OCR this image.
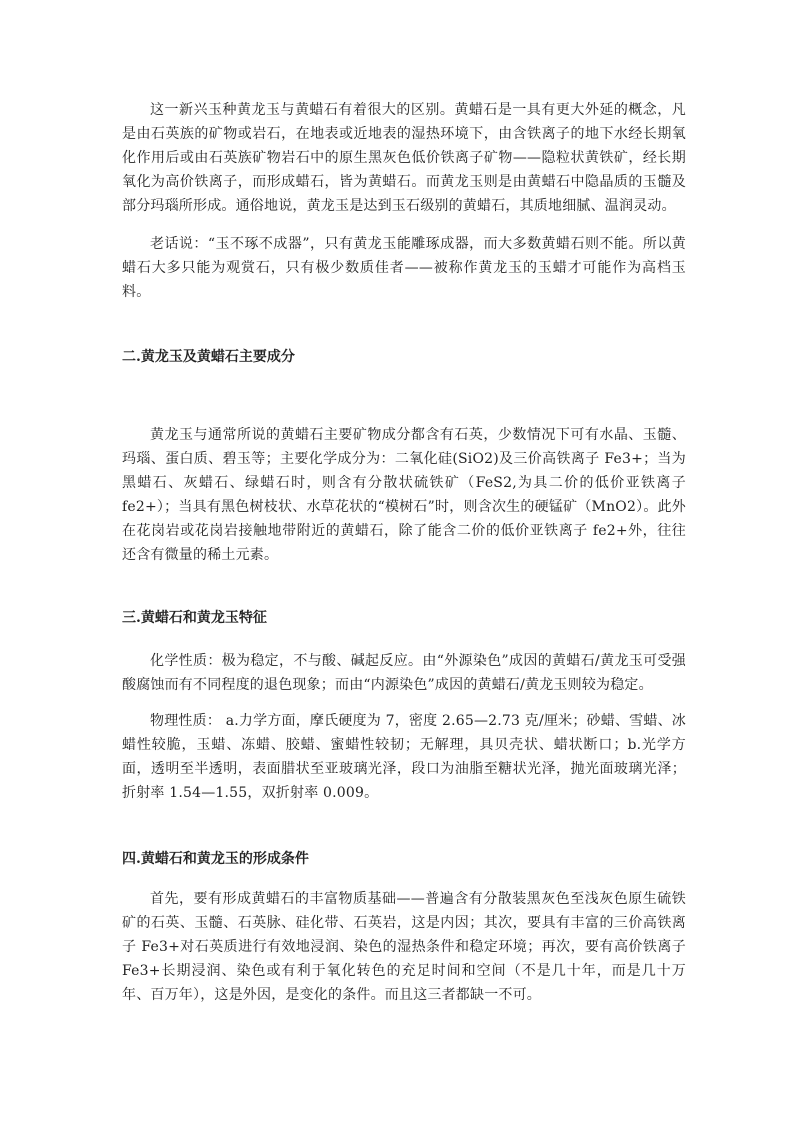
这一新兴玉种黄龙玉与黄蜡石有着很大的区别。黄蜡石是一具有更大外延的概念，凡是由石英族的矿物或岩石，在地表或近地表的湿热环境下，由含铁离子的地下水经长期氧化作用后或由石英族矿物岩石中的原生黑灰色低价铁离子矿物——隐粒状黄铁矿，经长期氧化为高价铁离子，而形成蜡石，皆为黄蜡石。而黄龙玉则是由黄蜡石中隐晶质的玉髓及部分玛瑙所形成。通俗地说，黄龙玉是达到玉石级别的黄蜡石，其质地细腻、温润灵动。

老话说：“玉不琢不成器”，只有黄龙玉能雕琢成器，而大多数黄蜡石则不能。所以黄蜡石大多只能为观赏石，只有极少数质佳者——被称作黄龙玉的玉蜡才可能作为高档玉料。

二.黄龙玉及黄蜡石主要成分

黄龙玉与通常所说的黄蜡石主要矿物成分都含有石英，少数情况下可有水晶、玉髓、玛瑙、蛋白质、碧玉等；主要化学成分为：二氧化硅(SiO2)及三价高铁离子 Fe3+；当为黑蜡石、灰蜡石、绿蜡石时，则含有分散状硫铁矿（FeS2,为具二价的低价亚铁离子 fe2+）；当具有黑色树枝状、水草花状的“模树石”时，则含次生的硬锰矿（MnO2）。此外在花岗岩或花岗岩接触地带附近的黄蜡石，除了能含二价的低价亚铁离子 fe2+外，往往还含有微量的稀土元素。

三.黄蜡石和黄龙玉特征

化学性质：极为稳定，不与酸、碱起反应。由“外源染色”成因的黄蜡石/黄龙玉可受强酸腐蚀而有不同程度的退色现象；而由“内源染色”成因的黄蜡石/黄龙玉则较为稳定。

物理性质： a.力学方面，摩氏硬度为 7，密度 2.65—2.73 克/厘米；砂蜡、雪蜡、冰蜡性较脆，玉蜡、冻蜡、胶蜡、蜜蜡性较韧；无解理，具贝壳状、蜡状断口；b.光学方面，透明至半透明，表面腊状至亚玻璃光泽，段口为油脂至糖状光泽，抛光面玻璃光泽；折射率 1.54—1.55，双折射率 0.009。

四.黄蜡石和黄龙玉的形成条件

首先，要有形成黄蜡石的丰富物质基础——普遍含有分散装黑灰色至浅灰色原生硫铁矿的石英、玉髓、石英脉、硅化带、石英岩，这是内因；其次，要具有丰富的三价高铁离子 Fe3+对石英质进行有效地浸润、染色的湿热条件和稳定环境；再次，要有高价铁离子 Fe3+长期浸润、染色或有利于氧化转色的充足时间和空间（不是几十年，而是几十万年、百万年），这是外因，是变化的条件。而且这三者都缺一不可。
